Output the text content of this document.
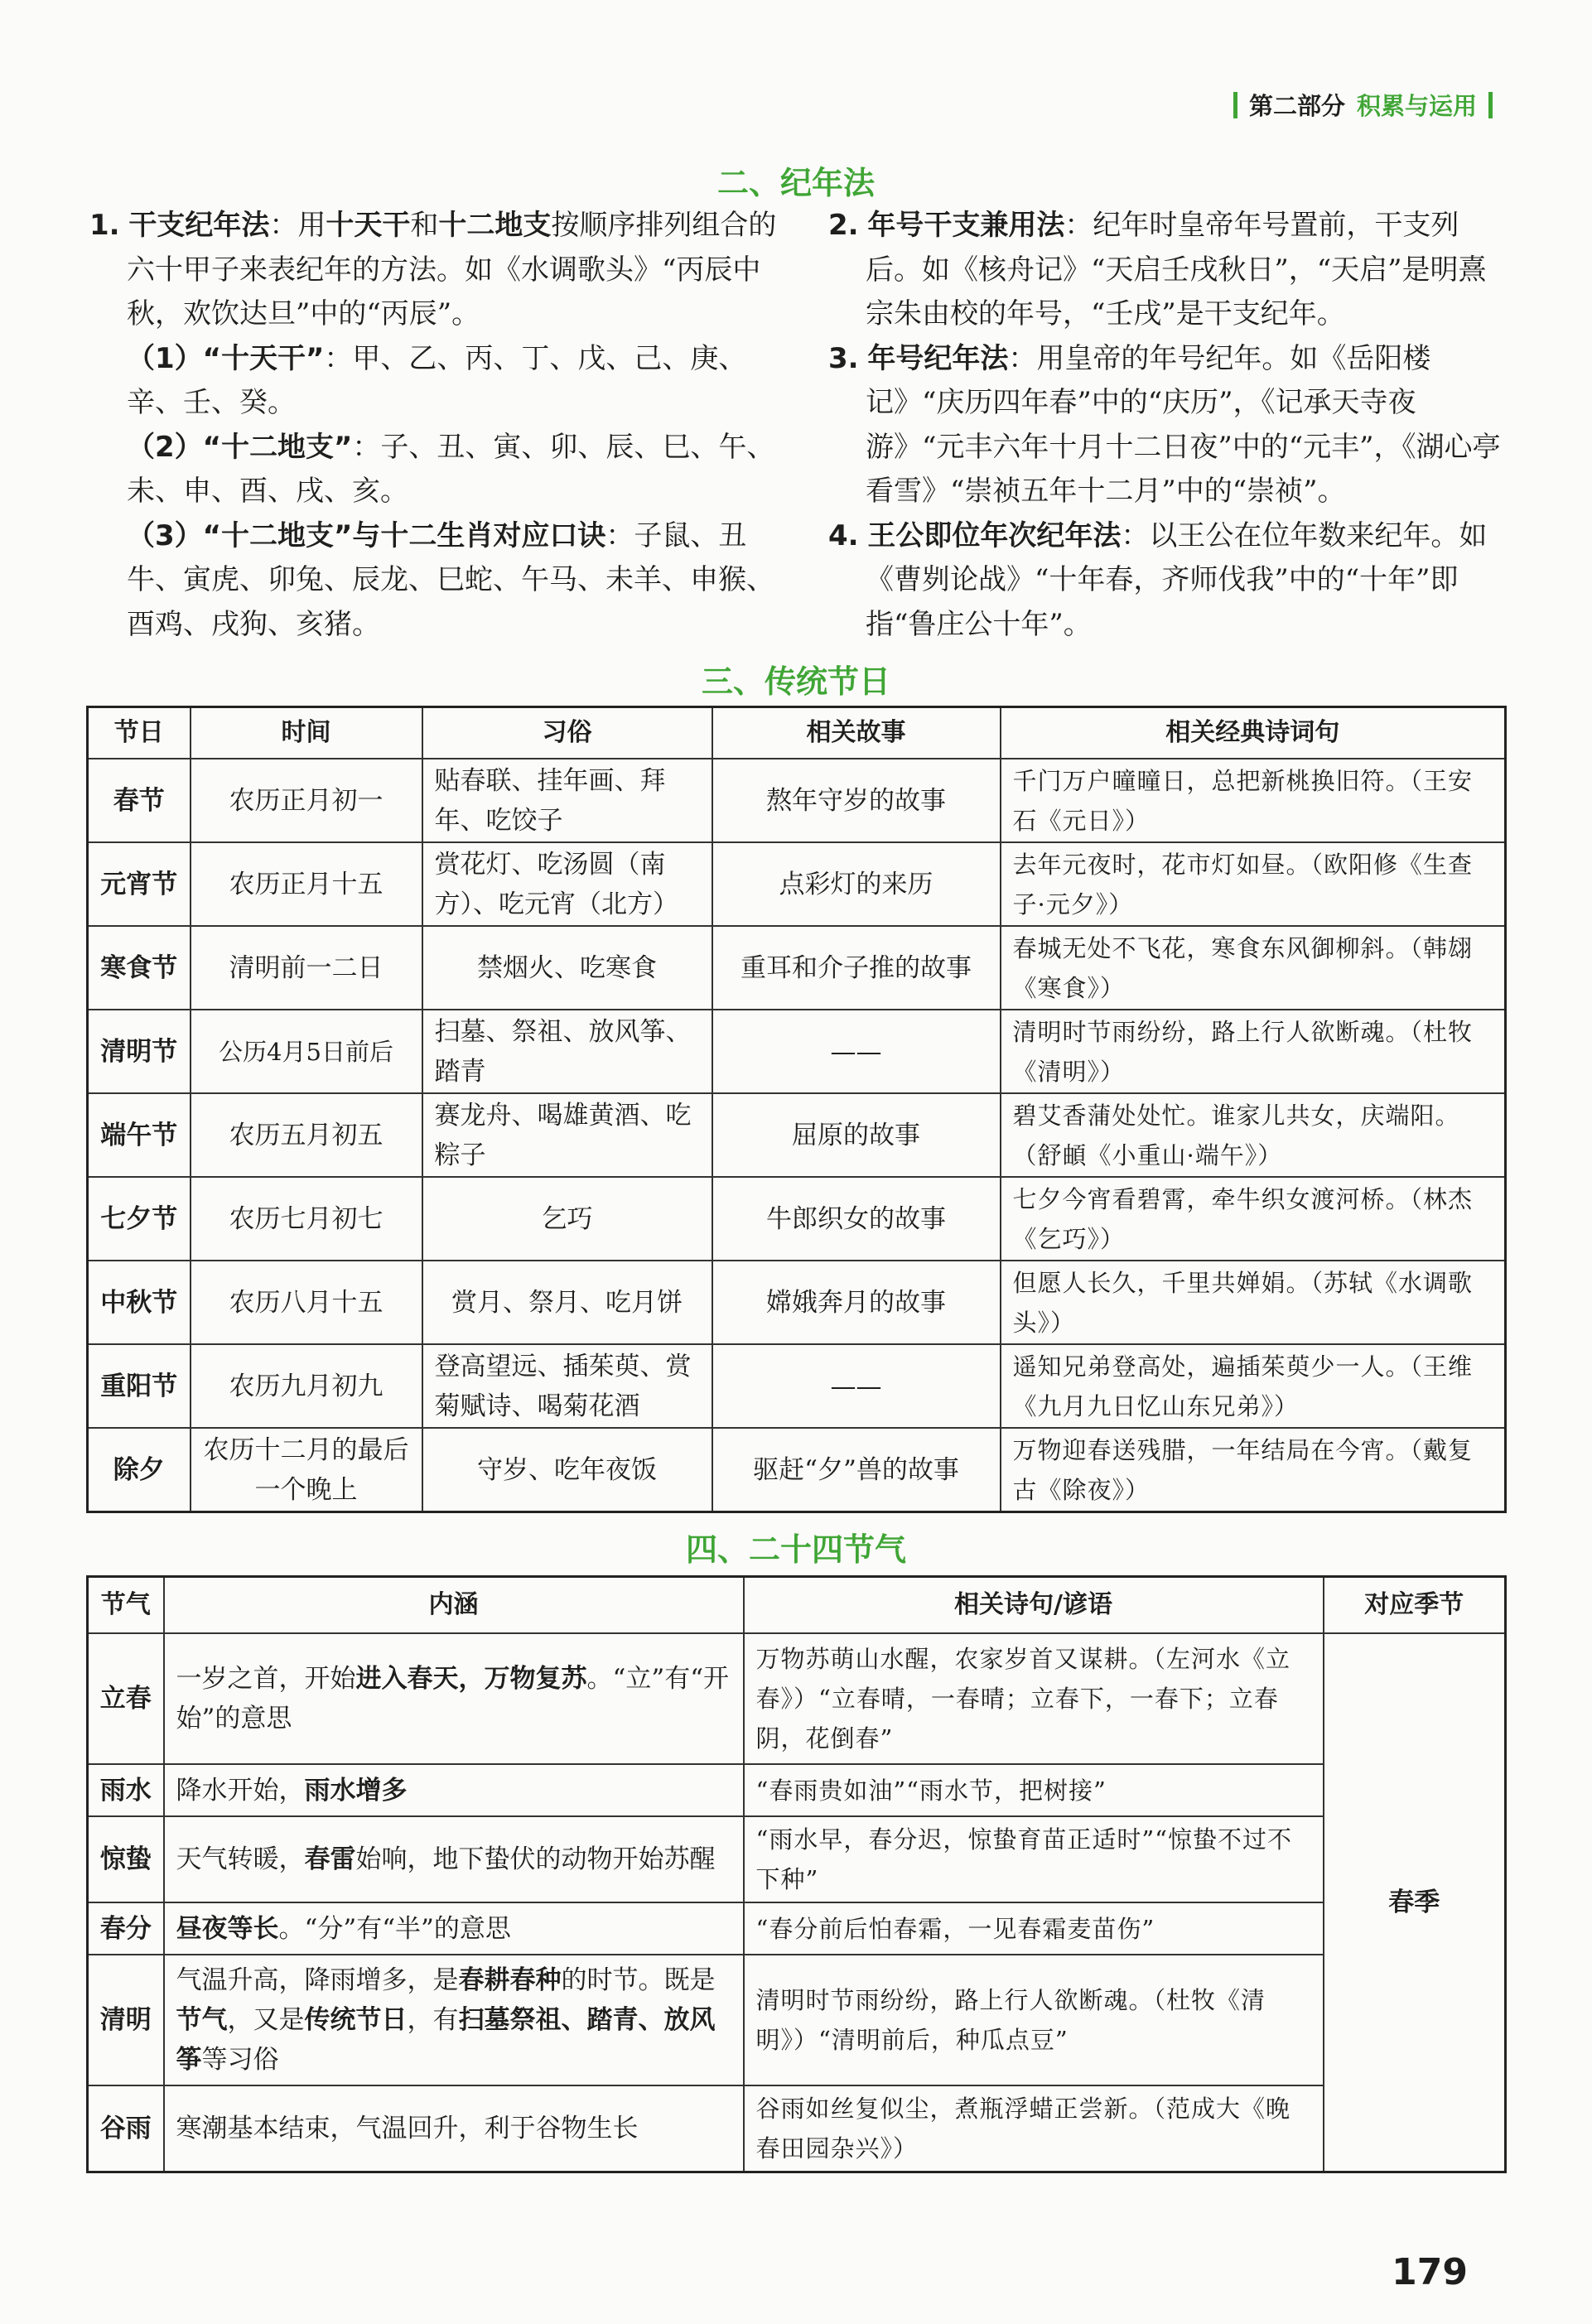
第二部分 积累与运用
二、纪年法

1. 干支纪年法：用十天干和十二地支按顺序排列组合的六十甲子来表纪年的方法。如《水调歌头》“丙辰中秋，欢饮达旦”中的“丙辰”。

（1）“十天干”：甲、乙、丙、丁、戊、己、庚、辛、壬、癸。

（2）“十二地支”：子、丑、寅、卯、辰、巳、午、未、申、酉、戌、亥。

（3）“十二地支”与十二生肖对应口诀：子鼠、丑牛、寅虎、卯兔、辰龙、巳蛇、午马、未羊、申猴、酉鸡、戌狗、亥猪。

2. 年号干支兼用法：纪年时皇帝年号置前，干支列后。如《核舟记》“天启壬戌秋日”，“天启”是明熹宗朱由校的年号，“壬戌”是干支纪年。

3. 年号纪年法：用皇帝的年号纪年。如《岳阳楼记》“庆历四年春”中的“庆历”，《记承天寺夜游》“元丰六年十月十二日夜”中的“元丰”，《湖心亭看雪》“崇祯五年十二月”中的“崇祯”。

4. 王公即位年次纪年法：以王公在位年数来纪年。如《曹刿论战》“十年春，齐师伐我”中的“十年”即指“鲁庄公十年”。

三、传统节日
节日	时间	习俗	相关故事	相关经典诗词句
春节	农历正月初一	贴春联、挂年画、拜年、吃饺子	熬年守岁的故事	千门万户曈曈日，总把新桃换旧符。（王安石《元日》）
元宵节	农历正月十五	赏花灯、吃汤圆（南方）、吃元宵（北方）	点彩灯的来历	去年元夜时，花市灯如昼。（欧阳修《生查子·元夕》）
寒食节	清明前一二日	禁烟火、吃寒食	重耳和介子推的故事	春城无处不飞花，寒食东风御柳斜。（韩翃《寒食》）
清明节	公历4月5日前后	扫墓、祭祖、放风筝、踏青	——	清明时节雨纷纷，路上行人欲断魂。（杜牧《清明》）
端午节	农历五月初五	赛龙舟、喝雄黄酒、吃粽子	屈原的故事	碧艾香蒲处处忙。谁家儿共女，庆端阳。（舒頔《小重山·端午》）
七夕节	农历七月初七	乞巧	牛郎织女的故事	七夕今宵看碧霄，牵牛织女渡河桥。（林杰《乞巧》）
中秋节	农历八月十五	赏月、祭月、吃月饼	嫦娥奔月的故事	但愿人长久，千里共婵娟。（苏轼《水调歌头》）
重阳节	农历九月初九	登高望远、插茱萸、赏菊赋诗、喝菊花酒	——	遥知兄弟登高处，遍插茱萸少一人。（王维《九月九日忆山东兄弟》）
除夕	农历十二月的最后一个晚上	守岁、吃年夜饭	驱赶“夕”兽的故事	万物迎春送残腊，一年结局在今宵。（戴复古《除夜》）
四、二十四节气
节气	内涵	相关诗句/谚语	对应季节
立春	一岁之首，开始进入春天，万物复苏。“立”有“开始”的意思	万物苏萌山水醒，农家岁首又谋耕。（左河水《立春》）“立春晴，一春晴；立春下，一春下；立春阴，花倒春”	春季
雨水	降水开始，雨水增多	“春雨贵如油”“雨水节，把树接”	
惊蛰	天气转暖，春雷始响，地下蛰伏的动物开始苏醒	“雨水早，春分迟，惊蛰育苗正适时”“惊蛰不过不下种”	
春分	昼夜等长。“分”有“半”的意思	“春分前后怕春霜，一见春霜麦苗伤”	
清明	气温升高，降雨增多，是春耕春种的时节。既是节气，又是传统节日，有扫墓祭祖、踏青、放风筝等习俗	清明时节雨纷纷，路上行人欲断魂。（杜牧《清明》）“清明前后，种瓜点豆”	
谷雨	寒潮基本结束，气温回升，利于谷物生长	谷雨如丝复似尘，煮瓶浮蜡正尝新。（范成大《晚春田园杂兴》）	
179
